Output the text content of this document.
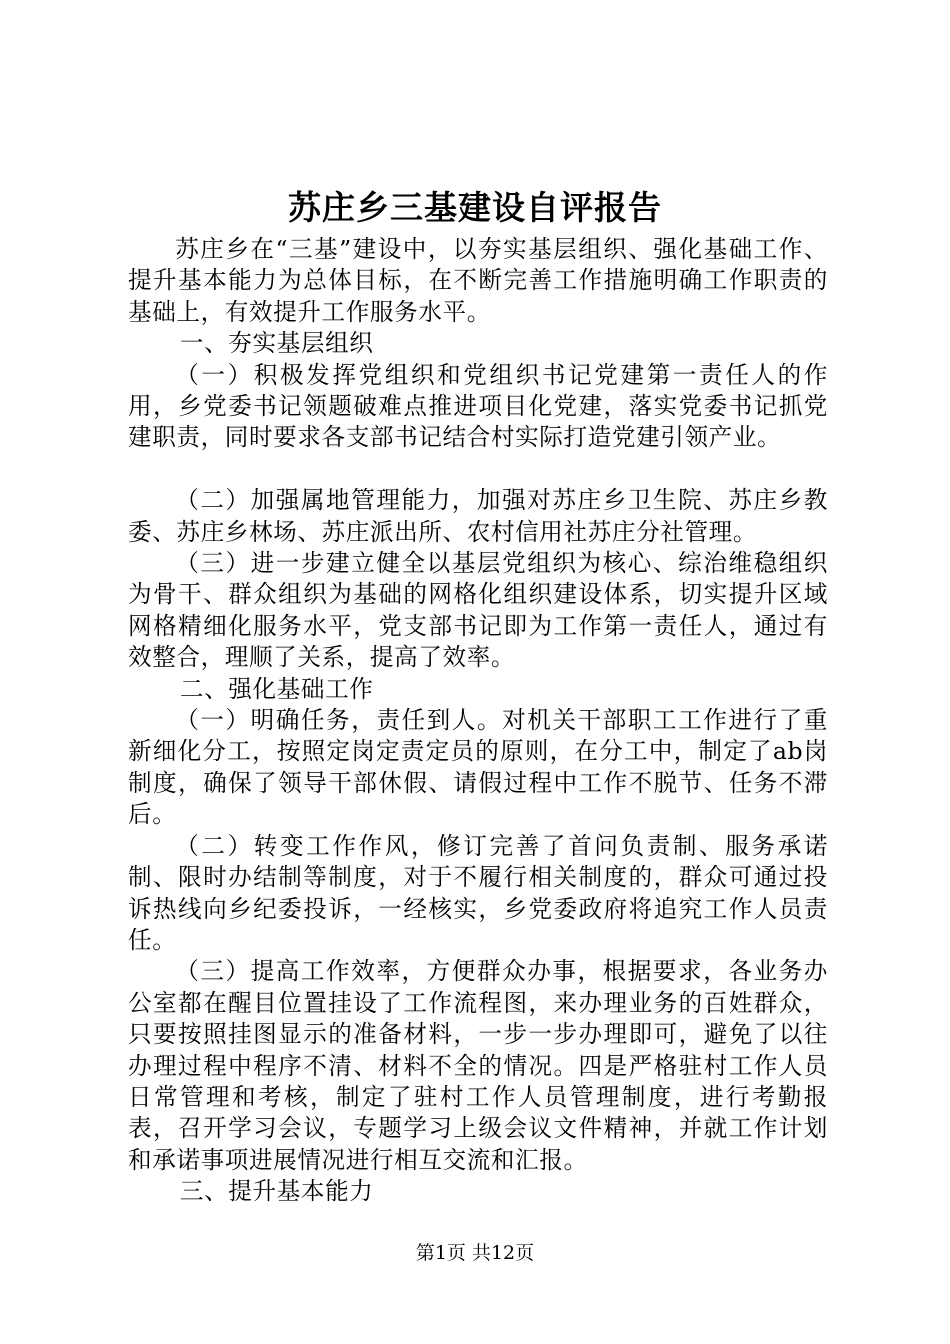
苏庄乡三基建设自评报告

苏庄乡在“三基”建设中，以夯实基层组织、强化基础工作、提升基本能力为总体目标，在不断完善工作措施明确工作职责的基础上，有效提升工作服务水平。

一、夯实基层组织

（一）积极发挥党组织和党组织书记党建第一责任人的作用，乡党委书记领题破难点推进项目化党建，落实党委书记抓党建职责，同时要求各支部书记结合村实际打造党建引领产业。

（二）加强属地管理能力，加强对苏庄乡卫生院、苏庄乡教委、苏庄乡林场、苏庄派出所、农村信用社苏庄分社管理。

（三）进一步建立健全以基层党组织为核心、综治维稳组织为骨干、群众组织为基础的网格化组织建设体系，切实提升区域网格精细化服务水平，党支部书记即为工作第一责任人，通过有效整合，理顺了关系，提高了效率。

二、强化基础工作

（一）明确任务，责任到人。对机关干部职工工作进行了重新细化分工，按照定岗定责定员的原则，在分工中，制定了ab岗制度，确保了领导干部休假、请假过程中工作不脱节、任务不滞后。

（二）转变工作作风，修订完善了首问负责制、服务承诺制、限时办结制等制度，对于不履行相关制度的，群众可通过投诉热线向乡纪委投诉，一经核实，乡党委政府将追究工作人员责任。

（三）提高工作效率，方便群众办事，根据要求，各业务办公室都在醒目位置挂设了工作流程图，来办理业务的百姓群众，只要按照挂图显示的准备材料，一步一步办理即可，避免了以往办理过程中程序不清、材料不全的情况。四是严格驻村工作人员日常管理和考核，制定了驻村工作人员管理制度，进行考勤报表，召开学习会议，专题学习上级会议文件精神，并就工作计划和承诺事项进展情况进行相互交流和汇报。

三、提升基本能力

第1页 共12页
